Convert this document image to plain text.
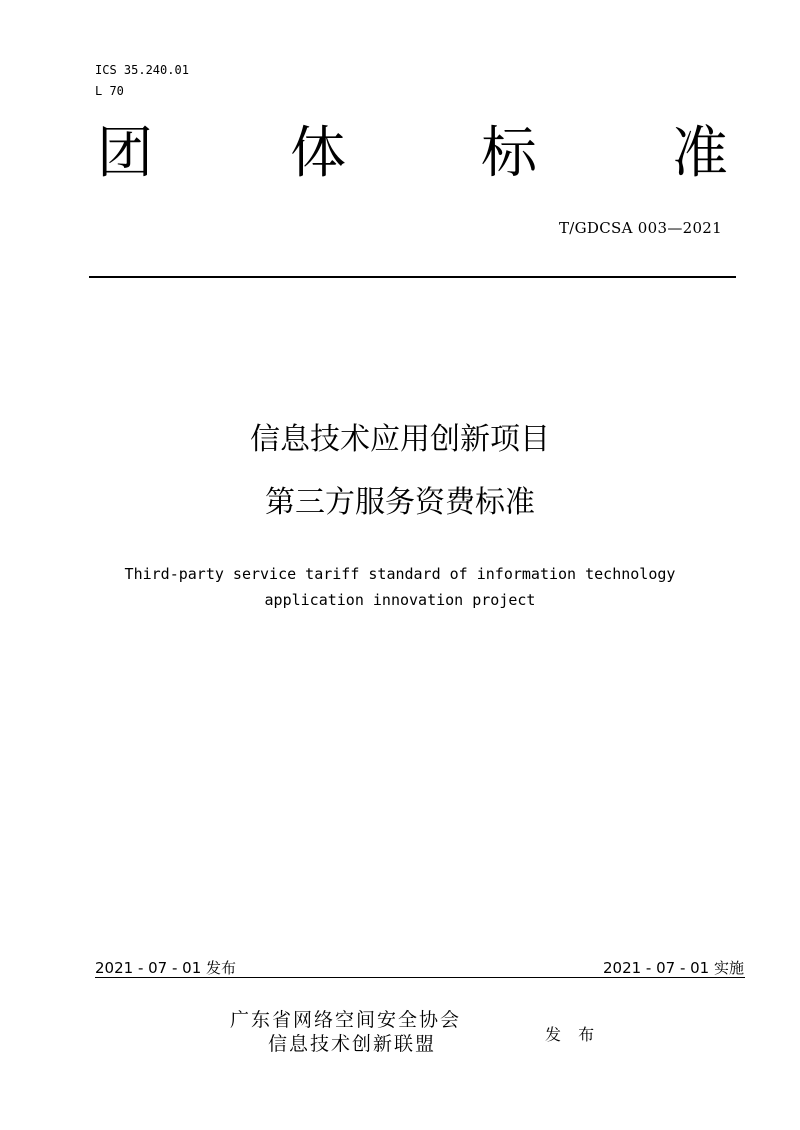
ICS 35.240.01
L 70
团 体 标 准
T/GDCSA 003—2021
信息技术应用创新项目
第三方服务资费标准
Third-party service tariff standard of information technology
application innovation project
2021 - 07 - 01 发布	2021 - 07 - 01 实施
广东省网络空间安全协会
信息技术创新联盟	发 布
